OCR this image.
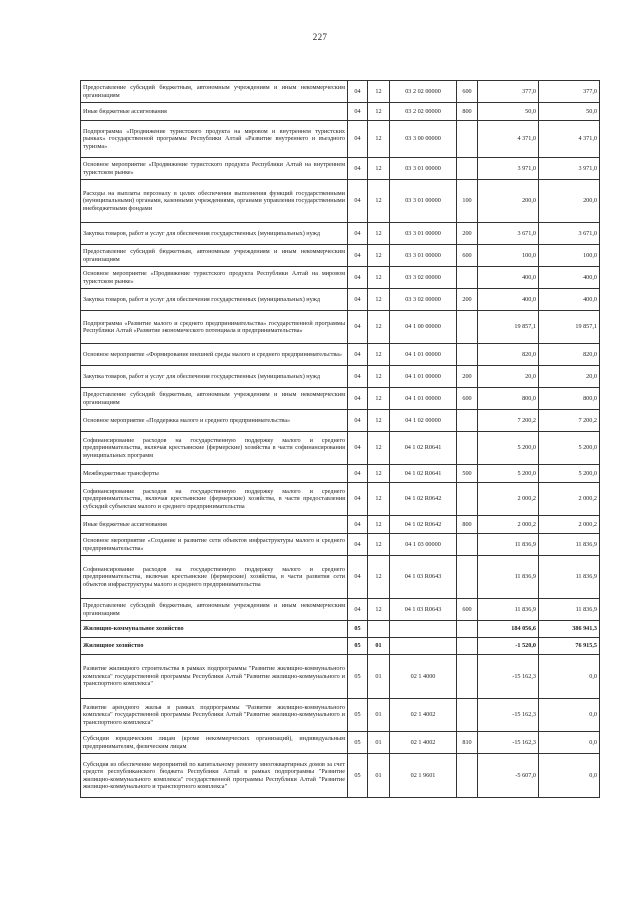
227
Предоставление субсидий бюджетным, автономным учреждениям и иным некоммерческим организациям	04	12	03 2 02 00000	600	377,0	377,0
Иные бюджетные ассигнования	04	12	03 2 02 00000	800	50,0	50,0
Подпрограмма «Продвижение туристского продукта на мировом и внутреннем туристских рынках» государственной программы Республики Алтай «Развитие внутреннего и въездного туризма»	04	12	03 3 00 00000		4 371,0	4 371,0
Основное мероприятие «Продвижение туристского продукта Республики Алтай на внутреннем туристском рынке»	04	12	03 3 01 00000		3 971,0	3 971,0
Расходы на выплаты персоналу в целях обеспечения выполнения функций государственными (муниципальными) органами, казенными учреждениями, органами управления государственными внебюджетными фондами	04	12	03 3 01 00000	100	200,0	200,0
Закупка товаров, работ и услуг для обеспечения государственных (муниципальных) нужд	04	12	03 3 01 00000	200	3 671,0	3 671,0
Предоставление субсидий бюджетным, автономным учреждениям и иным некоммерческим организациям	04	12	03 3 01 00000	600	100,0	100,0
Основное мероприятие «Продвижение туристского продукта Республики Алтай на мировом туристском рынке»	04	12	03 3 02 00000		400,0	400,0
Закупка товаров, работ и услуг для обеспечения государственных (муниципальных) нужд	04	12	03 3 02 00000	200	400,0	400,0
Подпрограмма «Развитие малого и среднего предпринимательства» государственной программы Республики Алтай «Развитие экономического потенциала и предпринимательства»	04	12	04 1 00 00000		19 857,1	19 857,1
Основное мероприятие «Формирование внешней среды малого и среднего предпринимательства»	04	12	04 1 01 00000		820,0	820,0
Закупка товаров, работ и услуг для обеспечения государственных (муниципальных) нужд	04	12	04 1 01 00000	200	20,0	20,0
Предоставление субсидий бюджетным, автономным учреждениям и иным некоммерческим организациям	04	12	04 1 01 00000	600	800,0	800,0
Основное мероприятие «Поддержка малого и среднего предпринимательства»	04	12	04 1 02 00000		7 200,2	7 200,2
Софинансирование расходов на государственную поддержку малого и среднего предпринимательства, включая крестьянские (фермерские) хозяйства в части софинансирования муниципальных программ	04	12	04 1 02 R0641		5 200,0	5 200,0
Межбюджетные трансферты	04	12	04 1 02 R0641	500	5 200,0	5 200,0
Софинансирование расходов на государственную поддержку малого и среднего предпринимательства, включая крестьянские (фермерские) хозяйства, в части предоставления субсидий субъектам малого и среднего предпринимательства	04	12	04 1 02 R0642		2 000,2	2 000,2
Иные бюджетные ассигнования	04	12	04 1 02 R0642	800	2 000,2	2 000,2
Основное мероприятие «Создание и развитие сети объектов инфраструктуры малого и среднего предпринимательства»	04	12	04 1 03 00000		11 836,9	11 836,9
Софинансирование расходов на государственную поддержку малого и среднего предпринимательства, включая крестьянские (фермерские) хозяйства, в части развития сети объектов инфраструктуры малого и среднего предпринимательства	04	12	04 1 03 R0643		11 836,9	11 836,9
Предоставление субсидий бюджетным, автономным учреждениям и иным некоммерческим организациям	04	12	04 1 03 R0643	600	11 836,9	11 836,9
Жилищно-коммунальное хозяйство	05				184 056,6	386 941,3
Жилищное хозяйство	05	01			-1 520,0	76 915,5
Развитие жилищного строительства в рамках подпрограммы "Развитие жилищно-коммунального комплекса" государственной программы Республики Алтай "Развитие жилищно-коммунального и транспортного комплекса"	05	01	02 1 4000		-15 162,3	0,0
Развитие арендного жилья в рамках подпрограммы "Развитие жилищно-коммунального комплекса" государственной программы Республики Алтай "Развитие жилищно-коммунального и транспортного комплекса"	05	01	02 1 4002		-15 162,3	0,0
Субсидии юридическим лицам (кроме некоммерческих организаций), индивидуальным предпринимателям, физическим лицам	05	01	02 1 4002	810	-15 162,3	0,0
Субсидия из обеспечение мероприятий по капитальному ремонту многоквартирных домов за счет средств республиканского бюджета Республики Алтай в рамках подпрограммы "Развитие жилищно-коммунального комплекса" государственной программы Республики Алтай "Развитие жилищно-коммунального и транспортного комплекса"	05	01	02 1 9601		-5 607,0	0,0
